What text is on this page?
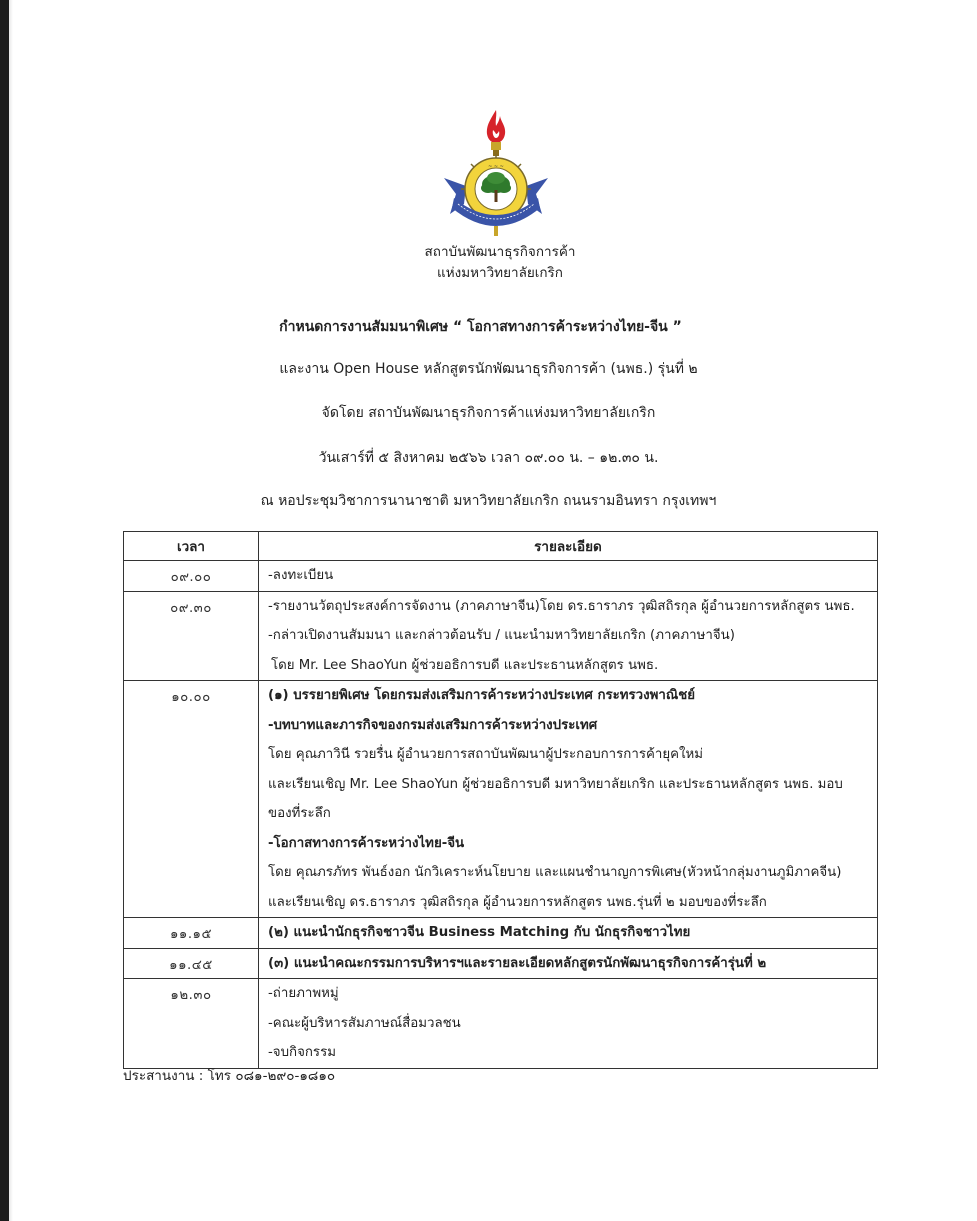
~ ~ ~
สถาบันพัฒนาธุรกิจการค้า
แห่งมหาวิทยาลัยเกริก
กำหนดการงานสัมมนาพิเศษ “ โอกาสทางการค้าระหว่างไทย-จีน ”
และงาน Open House หลักสูตรนักพัฒนาธุรกิจการค้า (นพธ.) รุ่นที่ ๒
จัดโดย สถาบันพัฒนาธุรกิจการค้าแห่งมหาวิทยาลัยเกริก
วันเสาร์ที่ ๕ สิงหาคม ๒๕๖๖ เวลา ๐๙.๐๐ น. – ๑๒.๓๐ น.
ณ หอประชุมวิชาการนานาชาติ มหาวิทยาลัยเกริก ถนนรามอินทรา กรุงเทพฯ
เวลา	รายละเอียด
๐๙.๐๐	-ลงทะเบียน

๐๙.๓๐	-รายงานวัตถุประสงค์การจัดงาน (ภาคภาษาจีน)โดย ดร.ธาราภร วุฒิสถิรกุล ผู้อำนวยการหลักสูตร นพธ.
-กล่าวเปิดงานสัมมนา และกล่าวต้อนรับ / แนะนำมหาวิทยาลัยเกริก (ภาคภาษาจีน)
โดย Mr. Lee ShaoYun ผู้ช่วยอธิการบดี และประธานหลักสูตร นพธ.

๑๐.๐๐	(๑) บรรยายพิเศษ โดยกรมส่งเสริมการค้าระหว่างประเทศ กระทรวงพาณิชย์
-บทบาทและภารกิจของกรมส่งเสริมการค้าระหว่างประเทศ
โดย คุณภาวินี รวยรื่น ผู้อำนวยการสถาบันพัฒนาผู้ประกอบการการค้ายุคใหม่
และเรียนเชิญ Mr. Lee ShaoYun ผู้ช่วยอธิการบดี มหาวิทยาลัยเกริก และประธานหลักสูตร นพธ. มอบ
ของที่ระลึก
-โอกาสทางการค้าระหว่างไทย-จีน
โดย คุณภรภัทร พันธ์งอก นักวิเคราะห์นโยบาย และแผนชำนาญการพิเศษ(หัวหน้ากลุ่มงานภูมิภาคจีน)
และเรียนเชิญ ดร.ธาราภร วุฒิสถิรกุล ผู้อำนวยการหลักสูตร นพธ.รุ่นที่ ๒ มอบของที่ระลึก

๑๑.๑๕	(๒) แนะนำนักธุรกิจชาวจีน Business Matching กับ นักธุรกิจชาวไทย

๑๑.๔๕	(๓) แนะนำคณะกรรมการบริหารฯและรายละเอียดหลักสูตรนักพัฒนาธุรกิจการค้ารุ่นที่ ๒

๑๒.๓๐	-ถ่ายภาพหมู่
-คณะผู้บริหารสัมภาษณ์สื่อมวลชน
-จบกิจกรรม
ประสานงาน : โทร ๐๘๑-๒๙๐-๑๘๑๐
